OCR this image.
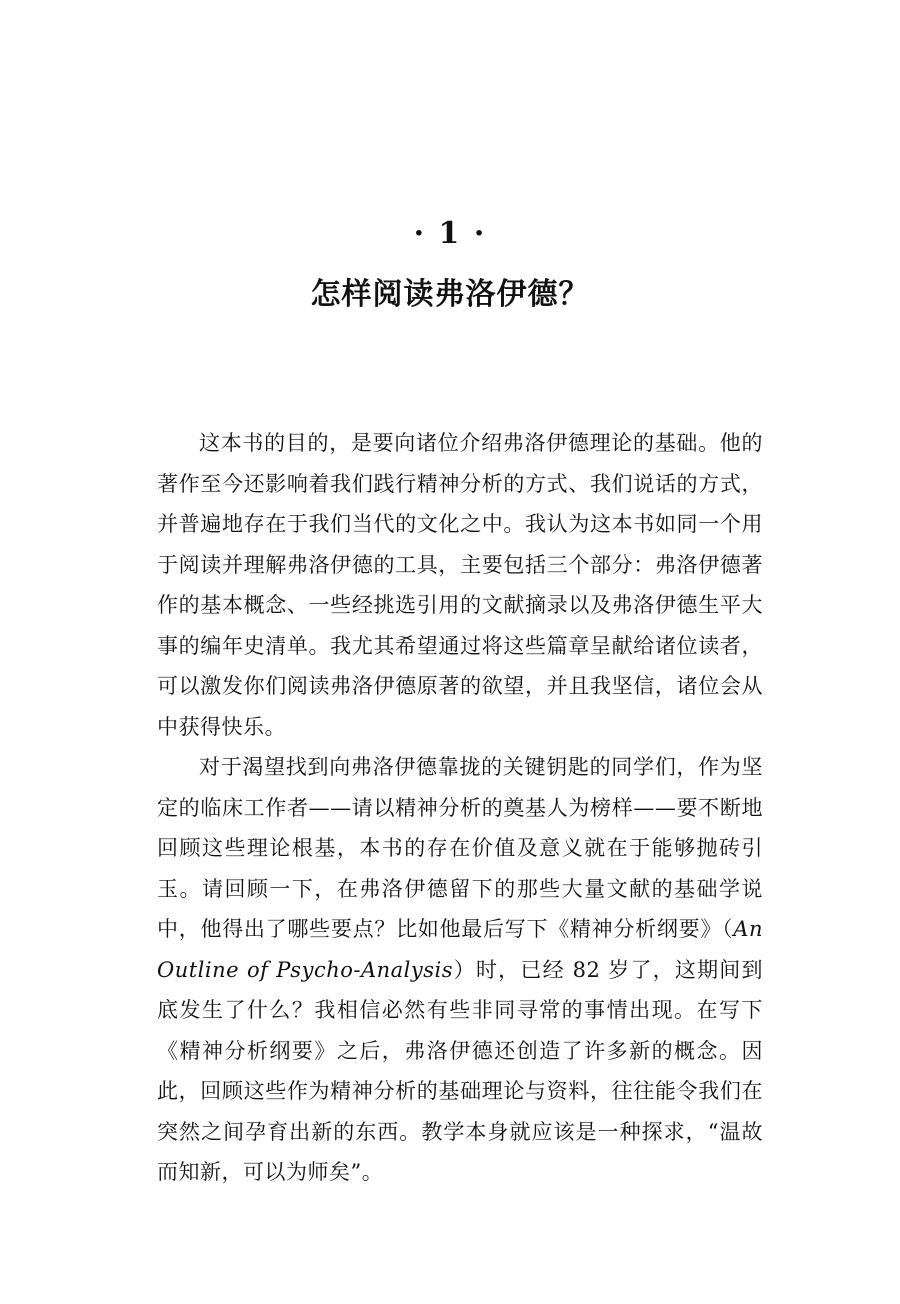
· 1 ·
怎样阅读弗洛伊德？

这本书的目的，是要向诸位介绍弗洛伊德理论的基础。他的著作至今还影响着我们践行精神分析的方式、我们说话的方式，并普遍地存在于我们当代的文化之中。我认为这本书如同一个用于阅读并理解弗洛伊德的工具，主要包括三个部分：弗洛伊德著作的基本概念、一些经挑选引用的文献摘录以及弗洛伊德生平大事的编年史清单。我尤其希望通过将这些篇章呈献给诸位读者，可以激发你们阅读弗洛伊德原著的欲望，并且我坚信，诸位会从中获得快乐。

对于渴望找到向弗洛伊德靠拢的关键钥匙的同学们，作为坚定的临床工作者——请以精神分析的奠基人为榜样——要不断地回顾这些理论根基，本书的存在价值及意义就在于能够抛砖引玉。请回顾一下，在弗洛伊德留下的那些大量文献的基础学说中，他得出了哪些要点？比如他最后写下《精神分析纲要》（An Outline of Psycho-Analysis）时，已经 82 岁了，这期间到底发生了什么？我相信必然有些非同寻常的事情出现。在写下《精神分析纲要》之后，弗洛伊德还创造了许多新的概念。因此，回顾这些作为精神分析的基础理论与资料，往往能令我们在突然之间孕育出新的东西。教学本身就应该是一种探求，“温故而知新，可以为师矣”。
